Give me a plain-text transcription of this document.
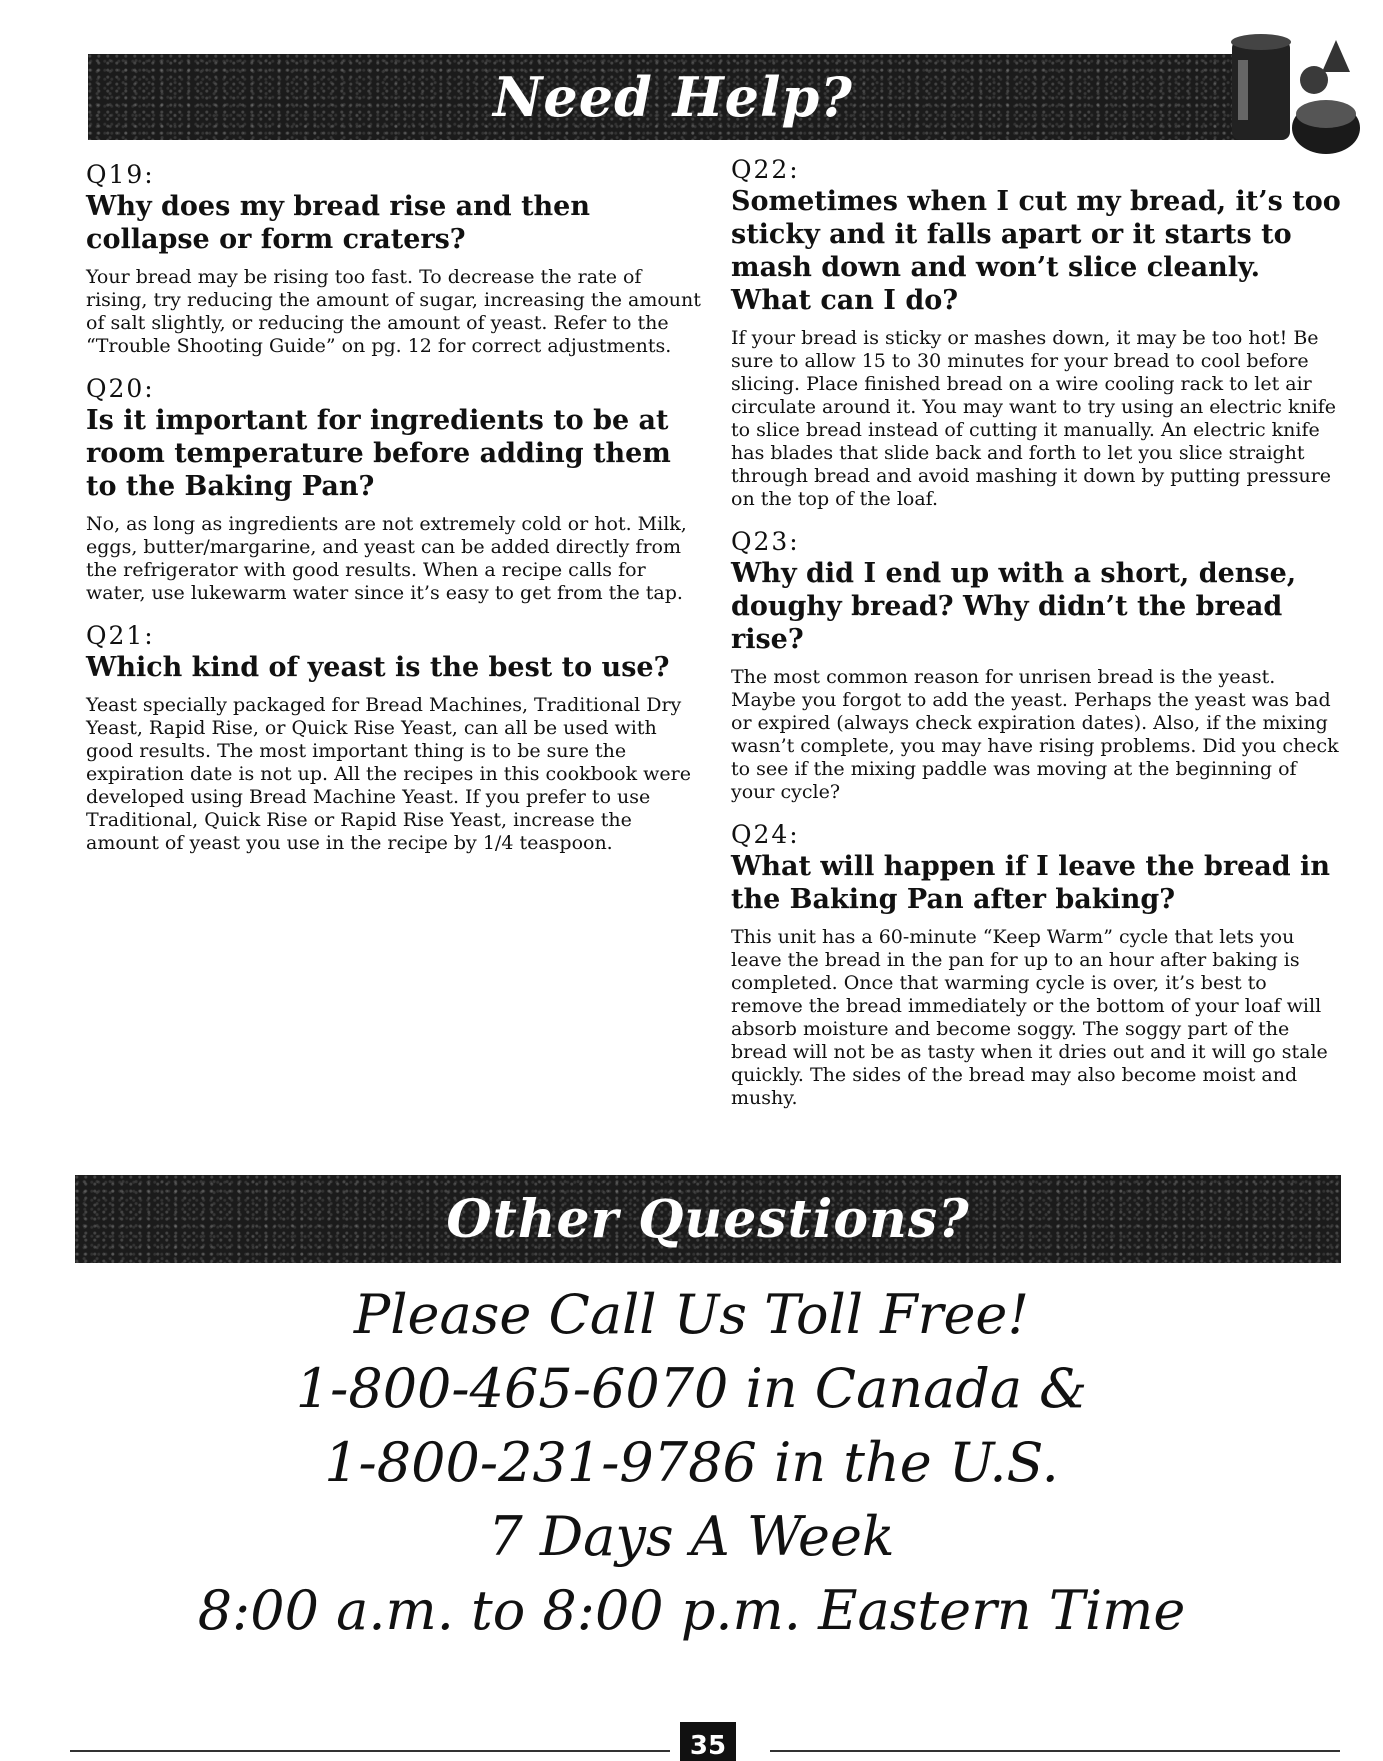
Need Help?
Q19:
Why does my bread rise and then collapse or form craters?

Your bread may be rising too fast. To decrease the rate of rising, try reducing the amount of sugar, increasing the amount of salt slightly, or reducing the amount of yeast. Refer to the “Trouble Shooting Guide” on pg. 12 for correct adjustments.

Q20:
Is it important for ingredients to be at room temperature before adding them to the Baking Pan?

No, as long as ingredients are not extremely cold or hot. Milk, eggs, butter/margarine, and yeast can be added directly from the refrigerator with good results. When a recipe calls for water, use lukewarm water since it’s easy to get from the tap.

Q21:
Which kind of yeast is the best to use?

Yeast specially packaged for Bread Machines, Traditional Dry Yeast, Rapid Rise, or Quick Rise Yeast, can all be used with good results. The most important thing is to be sure the expiration date is not up. All the recipes in this cookbook were developed using Bread Machine Yeast. If you prefer to use Traditional, Quick Rise or Rapid Rise Yeast, increase the amount of yeast you use in the recipe by 1/4 teaspoon.

Q22:
Sometimes when I cut my bread, it’s too sticky and it falls apart or it starts to mash down and won’t slice cleanly. What can I do?

If your bread is sticky or mashes down, it may be too hot! Be sure to allow 15 to 30 minutes for your bread to cool before slicing. Place finished bread on a wire cooling rack to let air circulate around it. You may want to try using an electric knife to slice bread instead of cutting it manually. An electric knife has blades that slide back and forth to let you slice straight through bread and avoid mashing it down by putting pressure on the top of the loaf.

Q23:
Why did I end up with a short, dense, doughy bread? Why didn’t the bread rise?

The most common reason for unrisen bread is the yeast. Maybe you forgot to add the yeast. Perhaps the yeast was bad or expired (always check expiration dates). Also, if the mixing wasn’t complete, you may have rising problems. Did you check to see if the mixing paddle was moving at the beginning of your cycle?

Q24:
What will happen if I leave the bread in the Baking Pan after baking?

This unit has a 60-minute “Keep Warm” cycle that lets you leave the bread in the pan for up to an hour after baking is completed. Once that warming cycle is over, it’s best to remove the bread immediately or the bottom of your loaf will absorb moisture and become soggy. The soggy part of the bread will not be as tasty when it dries out and it will go stale quickly. The sides of the bread may also become moist and mushy.

Other Questions?
Please Call Us Toll Free!
1-800-465-6070 in Canada &
1-800-231-9786 in the U.S.
7 Days A Week
8:00 a.m. to 8:00 p.m. Eastern Time
35
